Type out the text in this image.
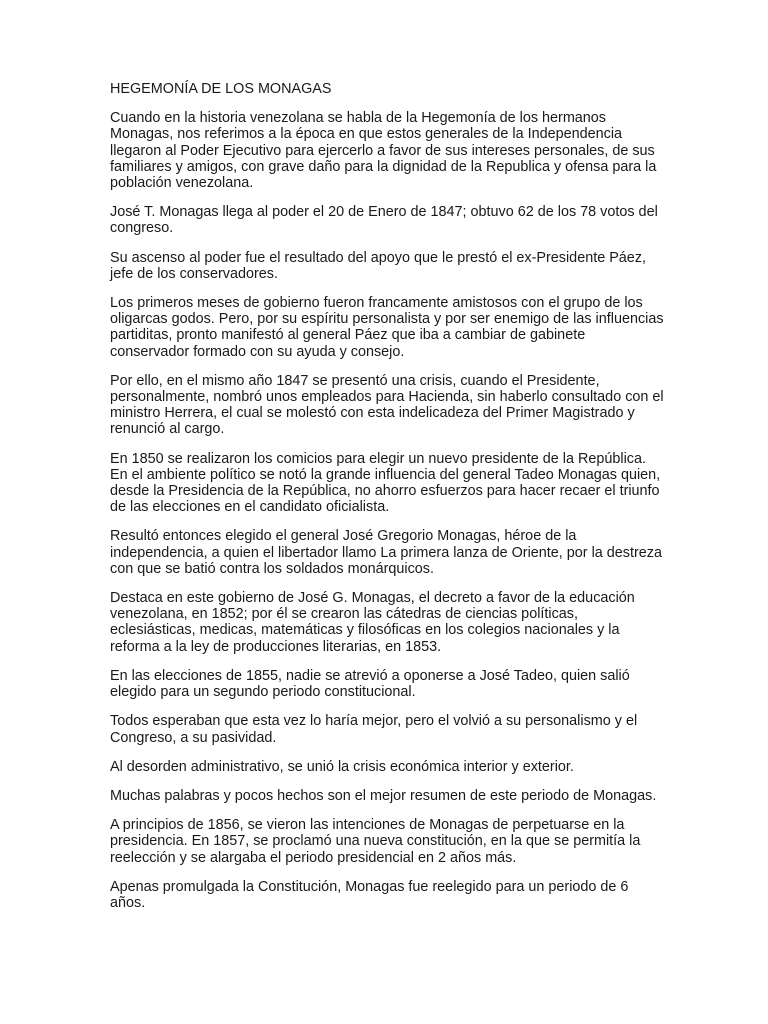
HEGEMONÍA DE LOS MONAGAS

Cuando en la historia venezolana se habla de la Hegemonía de los hermanos
Monagas, nos referimos a la época en que estos generales de la Independencia
llegaron al Poder Ejecutivo para ejercerlo a favor de sus intereses personales, de sus
familiares y amigos, con grave daño para la dignidad de la Republica y ofensa para la
población venezolana.

José T. Monagas llega al poder el 20 de Enero de 1847; obtuvo 62 de los 78 votos del
congreso.

Su ascenso al poder fue el resultado del apoyo que le prestó el ex-Presidente Páez,
jefe de los conservadores.

Los primeros meses de gobierno fueron francamente amistosos con el grupo de los
oligarcas godos. Pero, por su espíritu personalista y por ser enemigo de las influencias
partiditas, pronto manifestó al general Páez que iba a cambiar de gabinete
conservador formado con su ayuda y consejo.

Por ello, en el mismo año 1847 se presentó una crisis, cuando el Presidente,
personalmente, nombró unos empleados para Hacienda, sin haberlo consultado con el
ministro Herrera, el cual se molestó con esta indelicadeza del Primer Magistrado y
renunció al cargo.

En 1850 se realizaron los comicios para elegir un nuevo presidente de la República.
En el ambiente político se notó la grande influencia del general Tadeo Monagas quien,
desde la Presidencia de la República, no ahorro esfuerzos para hacer recaer el triunfo
de las elecciones en el candidato oficialista.

Resultó entonces elegido el general José Gregorio Monagas, héroe de la
independencia, a quien el libertador llamo La primera lanza de Oriente, por la destreza
con que se batió contra los soldados monárquicos.

Destaca en este gobierno de José G. Monagas, el decreto a favor de la educación
venezolana, en 1852; por él se crearon las cátedras de ciencias políticas,
eclesiásticas, medicas, matemáticas y filosóficas en los colegios nacionales y la
reforma a la ley de producciones literarias, en 1853.

En las elecciones de 1855, nadie se atrevió a oponerse a José Tadeo, quien salió
elegido para un segundo periodo constitucional.

Todos esperaban que esta vez lo haría mejor, pero el volvió a su personalismo y el
Congreso, a su pasividad.

Al desorden administrativo, se unió la crisis económica interior y exterior.

Muchas palabras y pocos hechos son el mejor resumen de este periodo de Monagas.

A principios de 1856, se vieron las intenciones de Monagas de perpetuarse en la
presidencia. En 1857, se proclamó una nueva constitución, en la que se permitía la
reelección y se alargaba el periodo presidencial en 2 años más.

Apenas promulgada la Constitución, Monagas fue reelegido para un periodo de 6
años.
